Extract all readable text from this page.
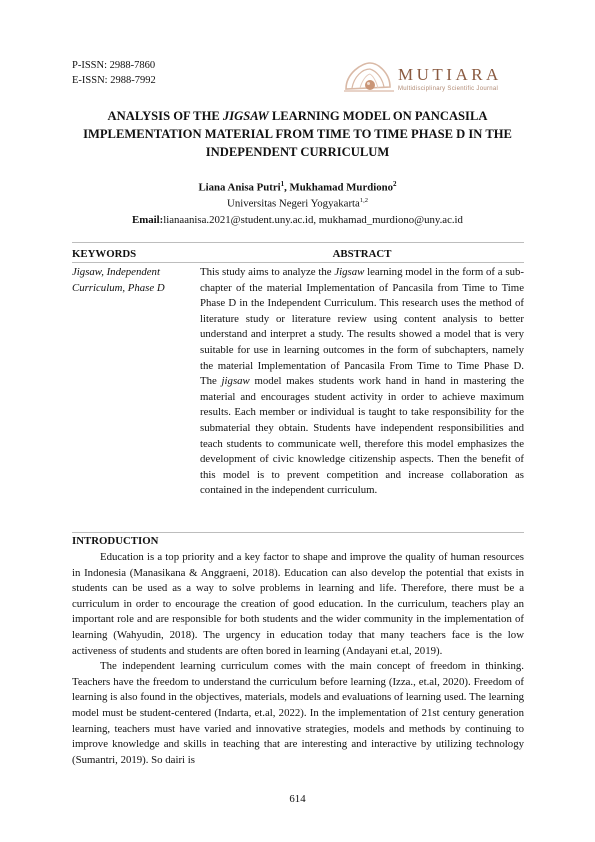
P-ISSN: 2988-7860
E-ISSN: 2988-7992	MUTIARA
Multidisciplinary Scientific Journal
ANALYSIS OF THE JIGSAW LEARNING MODEL ON PANCASILA IMPLEMENTATION MATERIAL FROM TIME TO TIME PHASE D IN THE INDEPENDENT CURRICULUM
Liana Anisa Putri$^1$, Mukhamad Murdiono$^2$
Universitas Negeri Yogyakarta$^{1,2}$
Email:lianaanisa.2021@student.uny.ac.id, mukhamad_murdiono@uny.ac.id
KEYWORDS	ABSTRACT
Jigsaw, Independent Curriculum, Phase D
This study aims to analyze the Jigsaw learning model in the form of a sub-chapter of the material Implementation of Pancasila from Time to Time Phase D in the Independent Curriculum. This research uses the method of literature study or literature review using content analysis to better understand and interpret a study. The results showed a model that is very suitable for use in learning outcomes in the form of subchapters, namely the material Implementation of Pancasila From Time to Time Phase D. The jigsaw model makes students work hand in hand in mastering the material and encourages student activity in order to achieve maximum results. Each member or individual is taught to take responsibility for the submaterial they obtain. Students have independent responsibilities and teach students to communicate well, therefore this model emphasizes the development of civic knowledge citizenship aspects. Then the benefit of this model is to prevent competition and increase collaboration as contained in the independent curriculum.
INTRODUCTION

Education is a top priority and a key factor to shape and improve the quality of human resources in Indonesia (Manasikana & Anggraeni, 2018). Education can also develop the potential that exists in students can be used as a way to solve problems in learning and life. Therefore, there must be a curriculum in order to encourage the creation of good education. In the curriculum, teachers play an important role and are responsible for both students and the wider community in the implementation of learning (Wahyudin, 2018). The urgency in education today that many teachers face is the low activeness of students and students are often bored in learning (Andayani et.al, 2019).

The independent learning curriculum comes with the main concept of freedom in thinking. Teachers have the freedom to understand the curriculum before learning (Izza., et.al, 2020). Freedom of learning is also found in the objectives, materials, models and evaluations of learning used. The learning model must be student-centered (Indarta, et.al, 2022). In the implementation of 21st century generation learning, teachers must have varied and innovative strategies, models and methods by continuing to improve knowledge and skills in teaching that are interesting and interactive by utilizing technology (Sumantri, 2019). So dairi is

614
